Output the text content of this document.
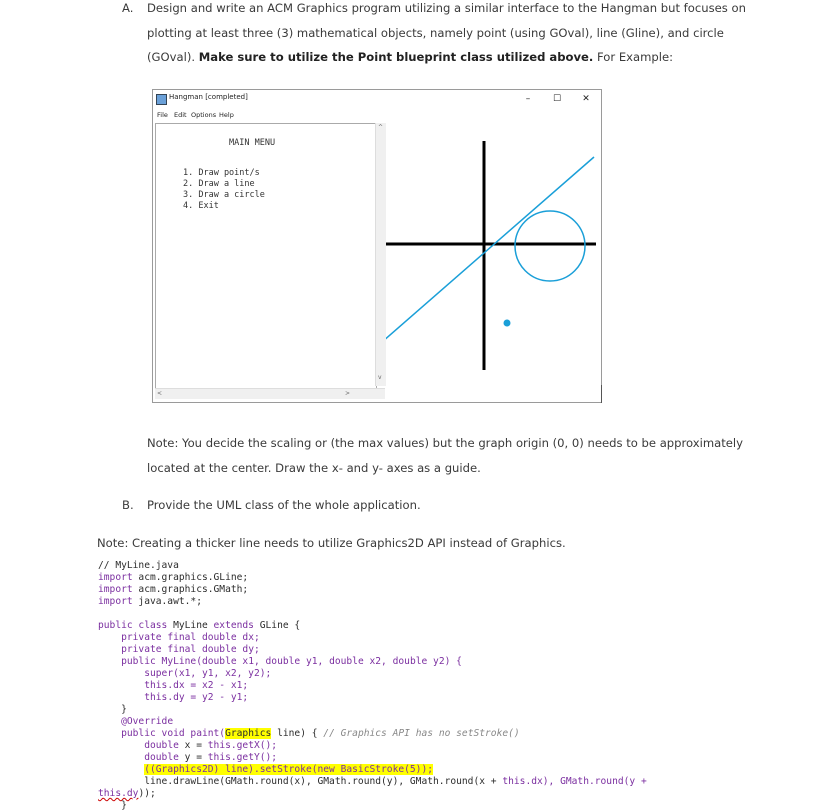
A. Design and write an ACM Graphics program utilizing a similar interface to the Hangman but focuses on
plotting at least three (3) mathematical objects, namely point (using GOval), line (Gline), and circle
(GOval). Make sure to utilize the Point blueprint class utilized above. For Example:
Hangman [completed]	–	☐	✕
File Edit Options Help
MAIN MENU
1. Draw point/s
2. Draw a line
3. Draw a circle
4. Exit
^
v
<	>
Note: You decide the scaling or (the max values) but the graph origin (0, 0) needs to be approximately
located at the center. Draw the x- and y- axes as a guide.
B. Provide the UML class of the whole application.
Note: Creating a thicker line needs to utilize Graphics2D API instead of Graphics.
// MyLine.java
import acm.graphics.GLine;
import acm.graphics.GMath;
import java.awt.*;

public class MyLine extends GLine {
private final double dx;
private final double dy;
public MyLine(double x1, double y1, double x2, double y2) {
super(x1, y1, x2, y2);
this.dx = x2 - x1;
this.dy = y2 - y1;
}
@Override
public void paint(Graphics line) { // Graphics API has no setStroke()
double x = this.getX();
double y = this.getY();
((Graphics2D) line).setStroke(new BasicStroke(5));
line.drawLine(GMath.round(x), GMath.round(y), GMath.round(x + this.dx), GMath.round(y +
this.dy));
}
